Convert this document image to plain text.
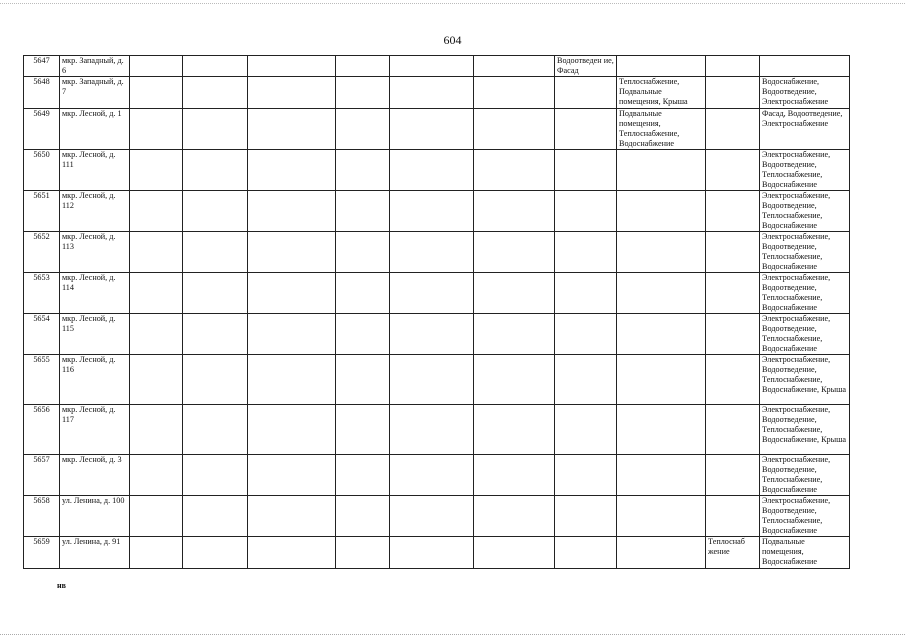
604
5647	мкр. Западный, д. 6							Водоотведен ие, Фасад			
5648	мкр. Западный, д. 7								Теплоснабжение, Подвальные помещения, Крыша		Водоснабжение, Водоотведение, Электроснабжение
5649	мкр. Лесной, д. 1								Подвальные помещения, Теплоснабжение, Водоснабжение		Фасад, Водоотведение, Электроснабжение
5650	мкр. Лесной, д. 111										Электроснабжение, Водоотведение, Теплоснабжение, Водоснабжение
5651	мкр. Лесной, д. 112										Электроснабжение, Водоотведение, Теплоснабжение, Водоснабжение
5652	мкр. Лесной, д. 113										Электроснабжение, Водоотведение, Теплоснабжение, Водоснабжение
5653	мкр. Лесной, д. 114										Электроснабжение, Водоотведение, Теплоснабжение, Водоснабжение
5654	мкр. Лесной, д. 115										Электроснабжение, Водоотведение, Теплоснабжение, Водоснабжение
5655	мкр. Лесной, д. 116										Электроснабжение, Водоотведение, Теплоснабжение, Водоснабжение, Крыша
5656	мкр. Лесной, д. 117										Электроснабжение, Водоотведение, Теплоснабжение, Водоснабжение, Крыша
5657	мкр. Лесной, д. 3										Электроснабжение, Водоотведение, Теплоснабжение, Водоснабжение
5658	ул. Ленина, д. 100										Электроснабжение, Водоотведение, Теплоснабжение, Водоснабжение
5659	ул. Ленина, д. 91									Теплоснаб жение	Подвальные помещения, Водоснабжение
нв
